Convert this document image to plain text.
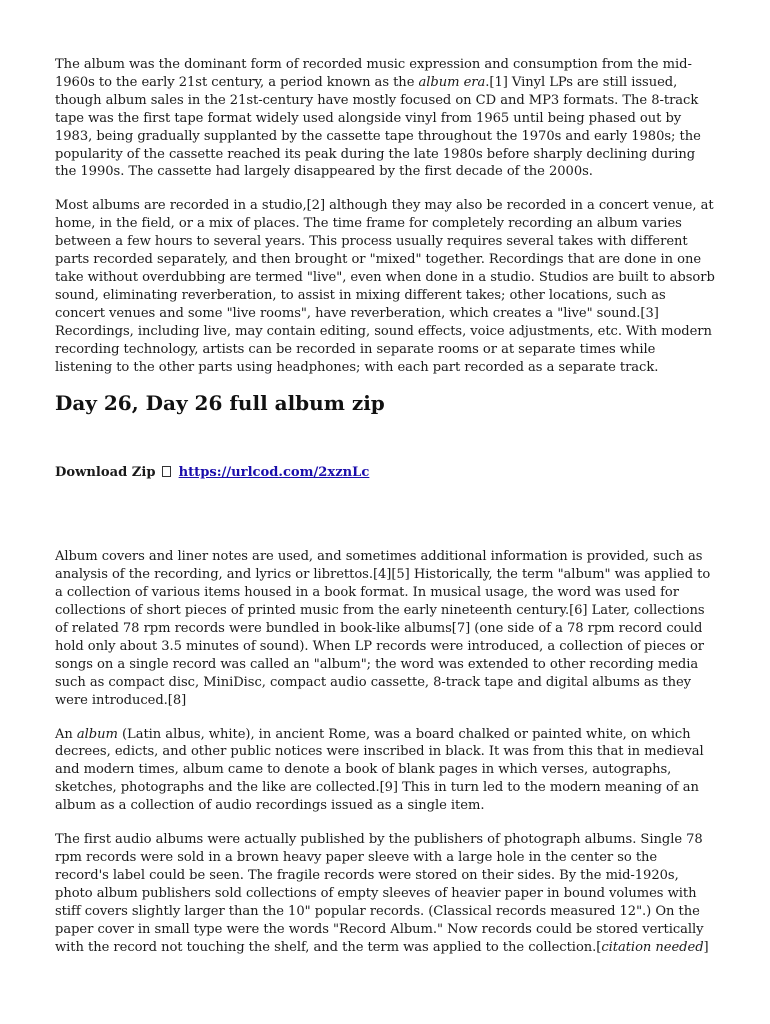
The album was the dominant form of recorded music expression and consumption from the mid-1960s to the early 21st century, a period known as the album era.[1] Vinyl LPs are still issued, though album sales in the 21st-century have mostly focused on CD and MP3 formats. The 8-track tape was the first tape format widely used alongside vinyl from 1965 until being phased out by 1983, being gradually supplanted by the cassette tape throughout the 1970s and early 1980s; the popularity of the cassette reached its peak during the late 1980s before sharply declining during the 1990s. The cassette had largely disappeared by the first decade of the 2000s.

Most albums are recorded in a studio,[2] although they may also be recorded in a concert venue, at home, in the field, or a mix of places. The time frame for completely recording an album varies between a few hours to several years. This process usually requires several takes with different parts recorded separately, and then brought or "mixed" together. Recordings that are done in one take without overdubbing are termed "live", even when done in a studio. Studios are built to absorb sound, eliminating reverberation, to assist in mixing different takes; other locations, such as concert venues and some "live rooms", have reverberation, which creates a "live" sound.[3] Recordings, including live, may contain editing, sound effects, voice adjustments, etc. With modern recording technology, artists can be recorded in separate rooms or at separate times while listening to the other parts using headphones; with each part recorded as a separate track.

Day 26, Day 26 full album zip

Download Zip https://urlcod.com/2xznLc

Album covers and liner notes are used, and sometimes additional information is provided, such as analysis of the recording, and lyrics or librettos.[4][5] Historically, the term "album" was applied to a collection of various items housed in a book format. In musical usage, the word was used for collections of short pieces of printed music from the early nineteenth century.[6] Later, collections of related 78 rpm records were bundled in book-like albums[7] (one side of a 78 rpm record could hold only about 3.5 minutes of sound). When LP records were introduced, a collection of pieces or songs on a single record was called an "album"; the word was extended to other recording media such as compact disc, MiniDisc, compact audio cassette, 8-track tape and digital albums as they were introduced.[8]

An album (Latin albus, white), in ancient Rome, was a board chalked or painted white, on which decrees, edicts, and other public notices were inscribed in black. It was from this that in medieval and modern times, album came to denote a book of blank pages in which verses, autographs, sketches, photographs and the like are collected.[9] This in turn led to the modern meaning of an album as a collection of audio recordings issued as a single item.

The first audio albums were actually published by the publishers of photograph albums. Single 78 rpm records were sold in a brown heavy paper sleeve with a large hole in the center so the record's label could be seen. The fragile records were stored on their sides. By the mid-1920s, photo album publishers sold collections of empty sleeves of heavier paper in bound volumes with stiff covers slightly larger than the 10" popular records. (Classical records measured 12".) On the paper cover in small type were the words "Record Album." Now records could be stored vertically with the record not touching the shelf, and the term was applied to the collection.[citation needed]
